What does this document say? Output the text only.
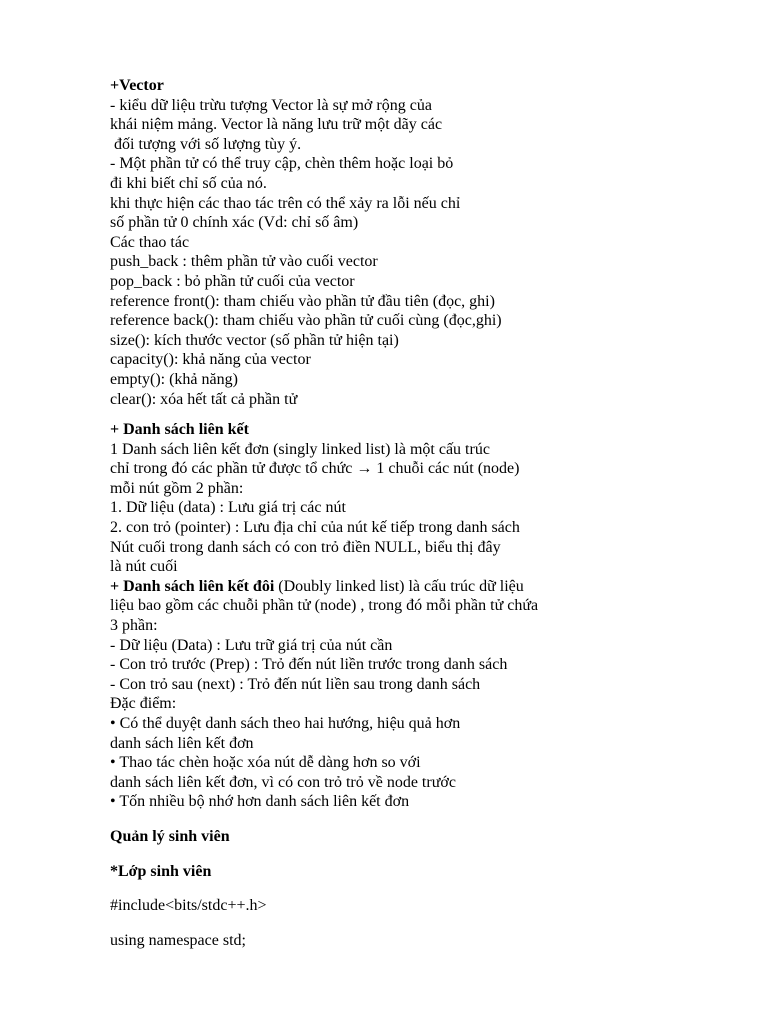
+Vector
- kiểu dữ liệu trừu tượng Vector là sự mở rộng của
khái niệm mảng. Vector là năng lưu trữ một dãy các
đối tượng với số lượng tùy ý.
- Một phần tử có thể truy cập, chèn thêm hoặc loại bỏ
đi khi biết chỉ số của nó.
khi thực hiện các thao tác trên có thể xảy ra lỗi nếu chỉ
số phần tử 0 chính xác (Vd: chỉ số âm)
Các thao tác
push_back : thêm phần tử vào cuối vector
pop_back : bỏ phần tử cuối của vector
reference front(): tham chiếu vào phần tử đầu tiên (đọc, ghi)
reference back(): tham chiếu vào phần tử cuối cùng (đọc,ghi)
size(): kích thước vector (số phần tử hiện tại)
capacity(): khả năng của vector
empty(): (khả năng)
clear(): xóa hết tất cả phần tử
+ Danh sách liên kết
1 Danh sách liên kết đơn (singly linked list) là một cấu trúc
chỉ trong đó các phần tử được tổ chức → 1 chuỗi các nút (node)
mỗi nút gồm 2 phần:
1. Dữ liệu (data) : Lưu giá trị các nút
2. con trỏ (pointer) : Lưu địa chỉ của nút kế tiếp trong danh sách
Nút cuối trong danh sách có con trỏ điền NULL, biểu thị đây
là nút cuối
+ Danh sách liên kết đôi (Doubly linked list) là cấu trúc dữ liệu
liệu bao gồm các chuỗi phần tử (node) , trong đó mỗi phần tử chứa
3 phần:
- Dữ liệu (Data) : Lưu trữ giá trị của nút cần
- Con trỏ trước (Prep) : Trỏ đến nút liền trước trong danh sách
- Con trỏ sau (next) : Trỏ đến nút liền sau trong danh sách
Đặc điểm:
• Có thể duyệt danh sách theo hai hướng, hiệu quả hơn
danh sách liên kết đơn
• Thao tác chèn hoặc xóa nút dễ dàng hơn so với
danh sách liên kết đơn, vì có con trỏ trỏ về node trước
• Tốn nhiều bộ nhớ hơn danh sách liên kết đơn
Quản lý sinh viên
*Lớp sinh viên
#include<bits/stdc++.h>
using namespace std;
